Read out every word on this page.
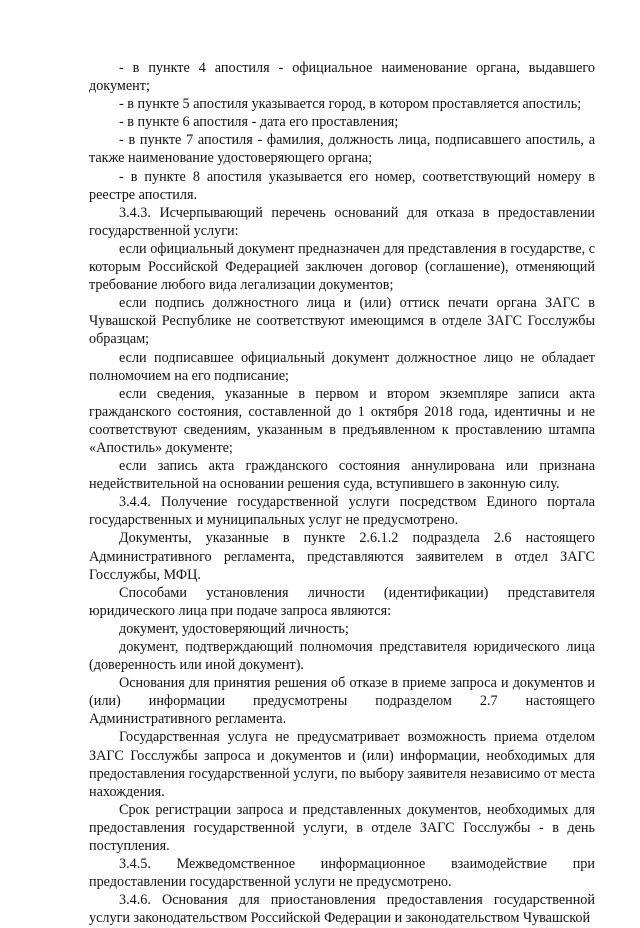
- в пункте 4 апостиля - официальное наименование органа, выдавшего документ;

- в пункте 5 апостиля указывается город, в котором проставляется апостиль;

- в пункте 6 апостиля - дата его проставления;

- в пункте 7 апостиля - фамилия, должность лица, подписавшего апостиль, а также наименование удостоверяющего органа;

- в пункте 8 апостиля указывается его номер, соответствующий номеру в реестре апостиля.

3.4.3. Исчерпывающий перечень оснований для отказа в предоставлении государственной услуги:

если официальный документ предназначен для представления в государстве, с которым Российской Федерацией заключен договор (соглашение), отменяющий требование любого вида легализации документов;

если подпись должностного лица и (или) оттиск печати органа ЗАГС в Чувашской Республике не соответствуют имеющимся в отделе ЗАГС Госслужбы образцам;

если подписавшее официальный документ должностное лицо не обладает полномочием на его подписание;

если сведения, указанные в первом и втором экземпляре записи акта гражданского состояния, составленной до 1 октября 2018 года, идентичны и не соответствуют сведениям, указанным в предъявленном к проставлению штампа «Апостиль» документе;

если запись акта гражданского состояния аннулирована или признана недействительной на основании решения суда, вступившего в законную силу.

3.4.4. Получение государственной услуги посредством Единого портала государственных и муниципальных услуг не предусмотрено.

Документы, указанные в пункте 2.6.1.2 подраздела 2.6 настоящего Административного регламента, представляются заявителем в отдел ЗАГС Госслужбы, МФЦ.

Способами установления личности (идентификации) представителя юридического лица при подаче запроса являются:

документ, удостоверяющий личность;

документ, подтверждающий полномочия представителя юридического лица (доверенность или иной документ).

Основания для принятия решения об отказе в приеме запроса и документов и (или) информации предусмотрены подразделом 2.7 настоящего Административного регламента.

Государственная услуга не предусматривает возможность приема отделом ЗАГС Госслужбы запроса и документов и (или) информации, необходимых для предоставления государственной услуги, по выбору заявителя независимо от места нахождения.

Срок регистрации запроса и представленных документов, необходимых для предоставления государственной услуги, в отделе ЗАГС Госслужбы - в день поступления.

3.4.5. Межведомственное информационное взаимодействие при предоставлении государственной услуги не предусмотрено.

3.4.6. Основания для приостановления предоставления государственной услуги законодательством Российской Федерации и законодательством Чувашской
